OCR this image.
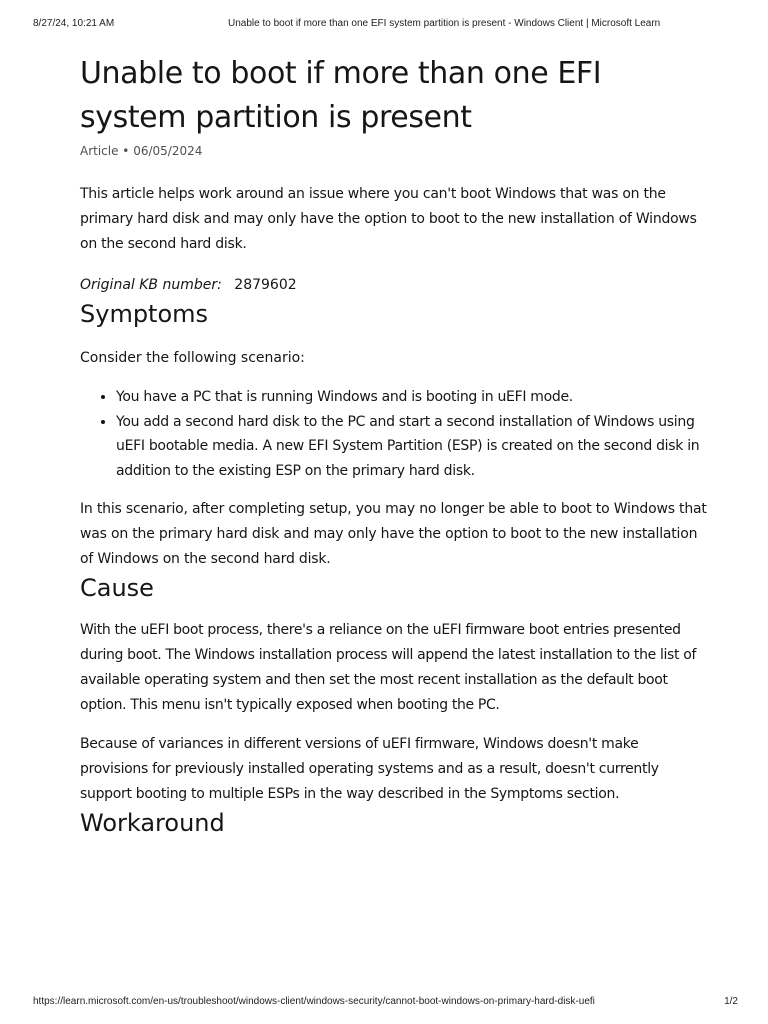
8/27/24, 10:21 AM	Unable to boot if more than one EFI system partition is present - Windows Client | Microsoft Learn
Unable to boot if more than one EFI system partition is present
Article • 06/05/2024

This article helps work around an issue where you can't boot Windows that was on the primary hard disk and may only have the option to boot to the new installation of Windows on the second hard disk.

Original KB number: 2879602

Symptoms

Consider the following scenario:

• You have a PC that is running Windows and is booting in uEFI mode.
• You add a second hard disk to the PC and start a second installation of Windows using uEFI bootable media. A new EFI System Partition (ESP) is created on the second disk in addition to the existing ESP on the primary hard disk.

In this scenario, after completing setup, you may no longer be able to boot to Windows that was on the primary hard disk and may only have the option to boot to the new installation of Windows on the second hard disk.

Cause

With the uEFI boot process, there's a reliance on the uEFI firmware boot entries presented during boot. The Windows installation process will append the latest installation to the list of available operating system and then set the most recent installation as the default boot option. This menu isn't typically exposed when booting the PC.

Because of variances in different versions of uEFI firmware, Windows doesn't make provisions for previously installed operating systems and as a result, doesn't currently support booting to multiple ESPs in the way described in the Symptoms section.

Workaround
https://learn.microsoft.com/en-us/troubleshoot/windows-client/windows-security/cannot-boot-windows-on-primary-hard-disk-uefi	1/2
